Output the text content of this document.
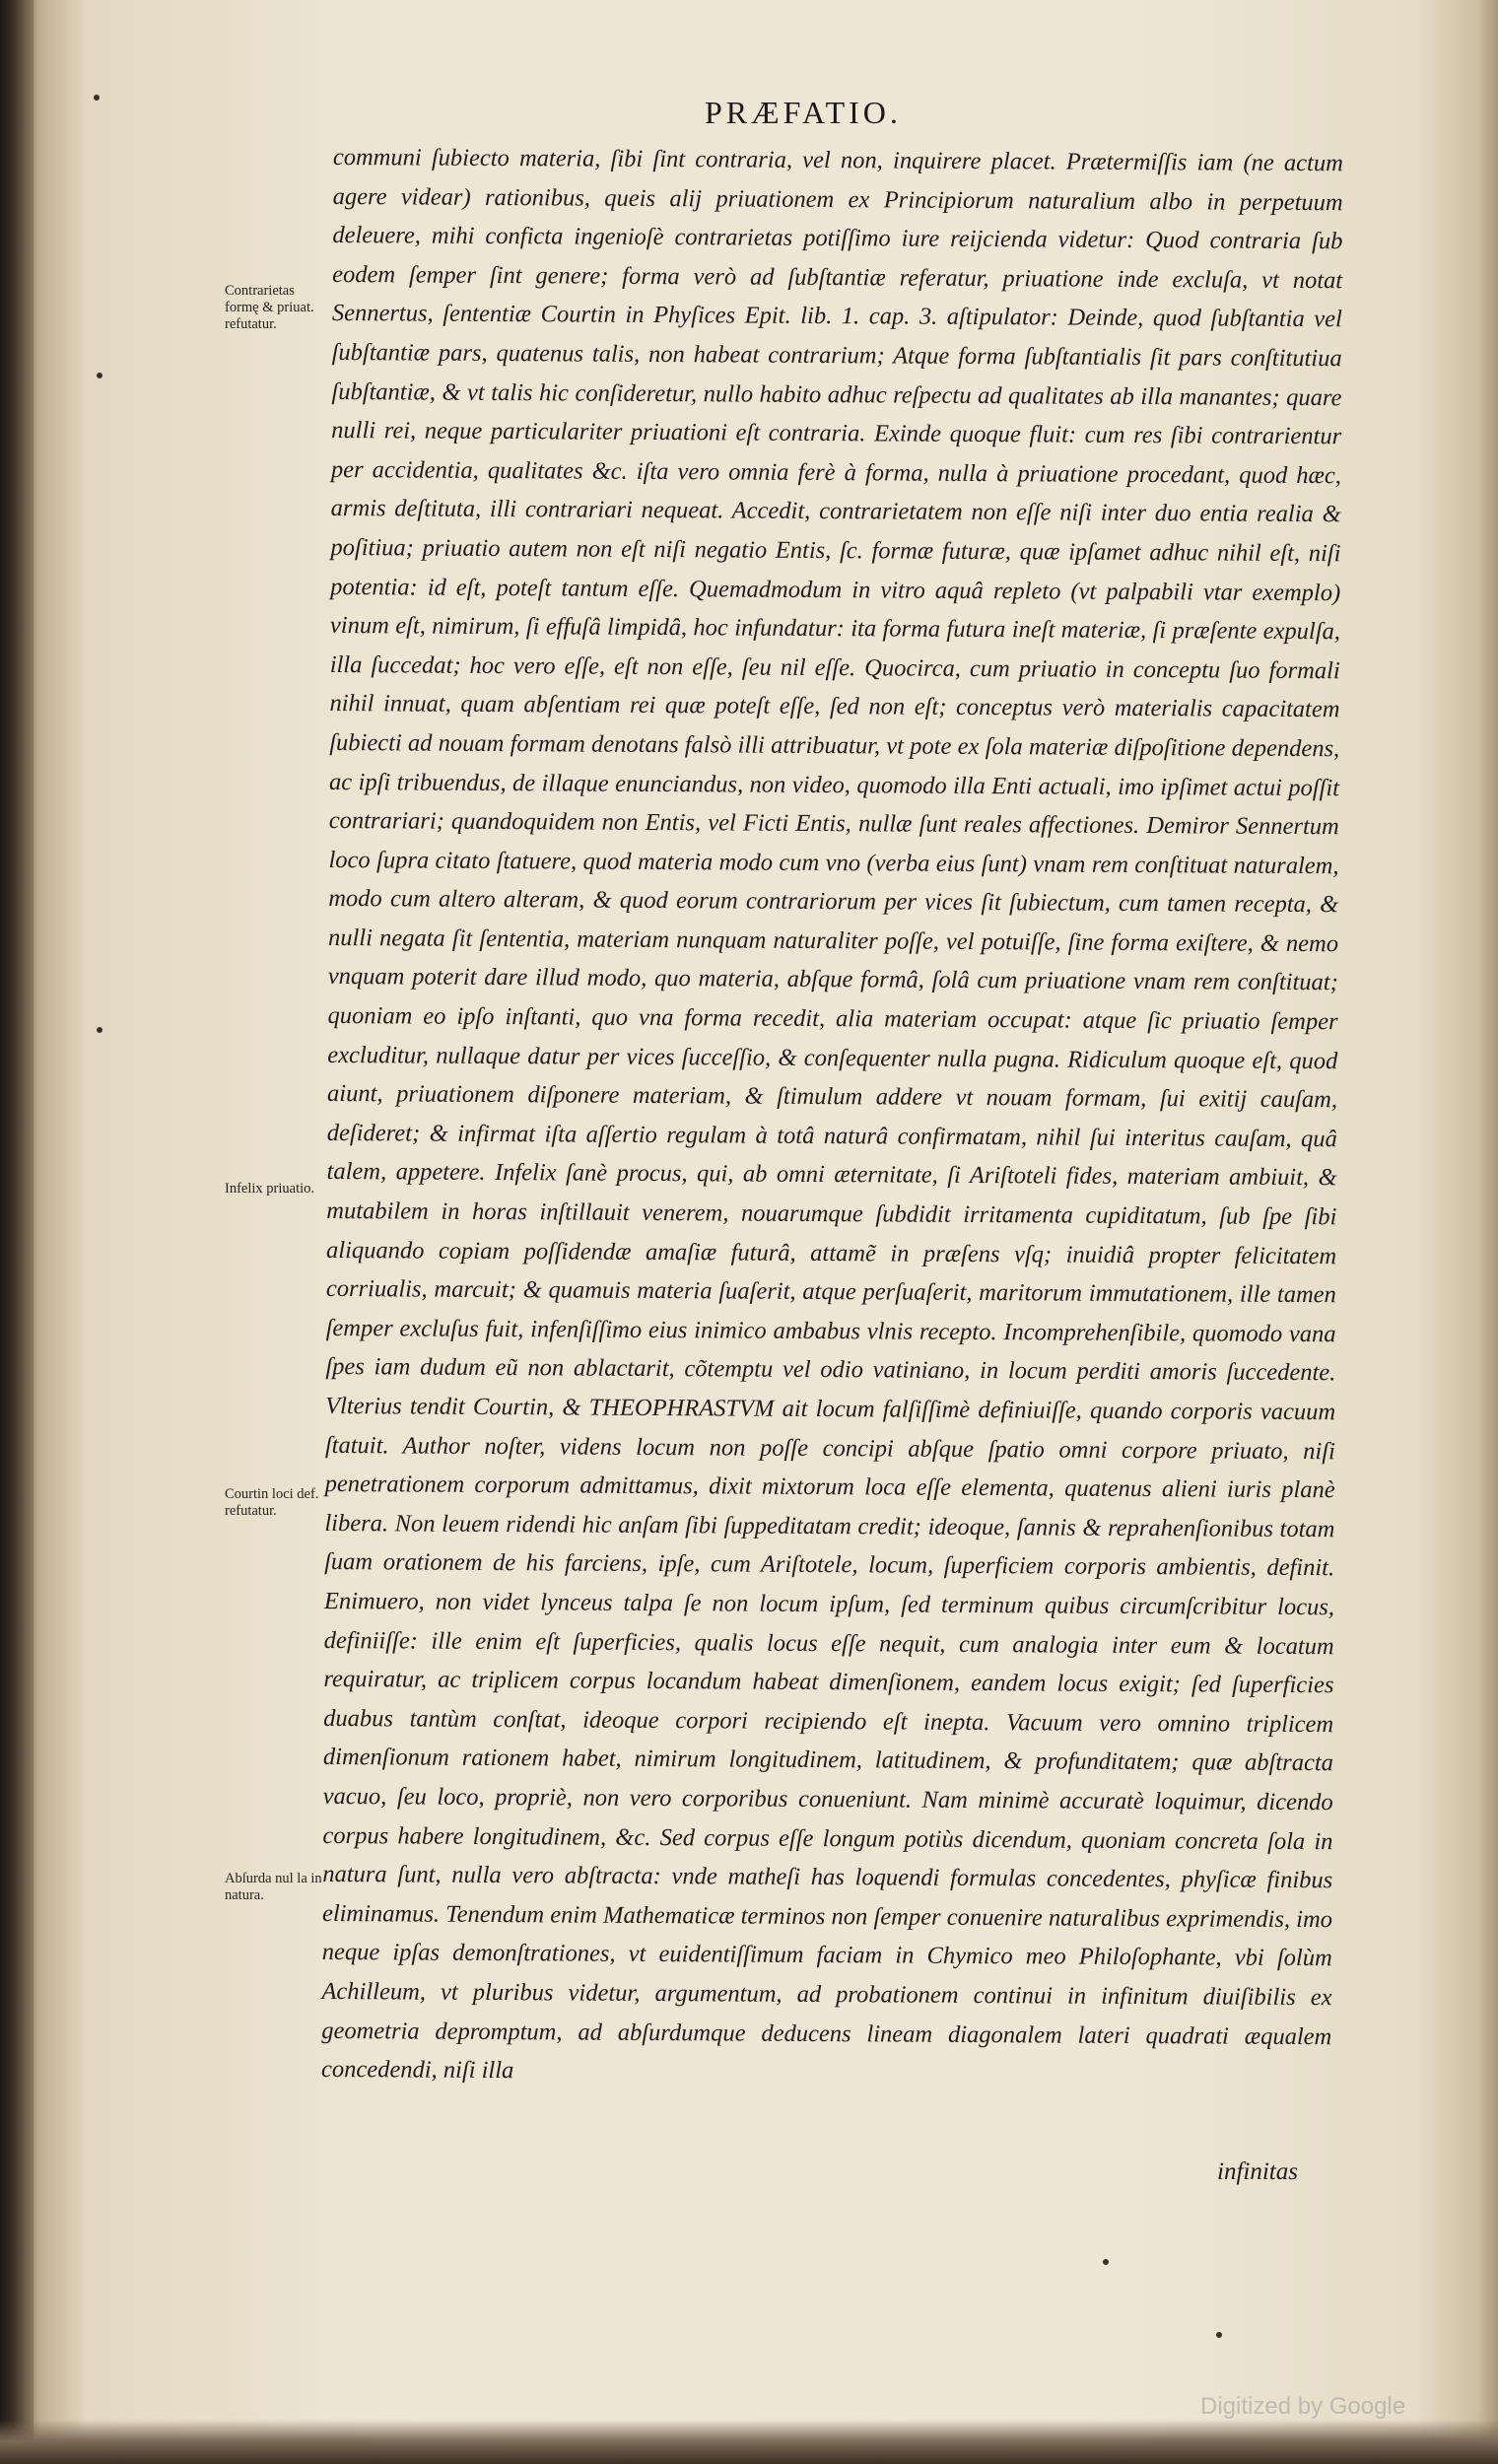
PRÆFATIO.
Contrarietas formę & priuat. refutatur.
Infelix priuatio.
Courtin loci def. refutatur.
Abſurda nul la in natura.

communi ſubiecto materia, ſibi ſint contraria, vel non, inquirere placet. Prætermiſſis iam (ne actum agere videar) rationibus, queis alij priuationem ex Principiorum naturalium albo in perpetuum deleuere, mihi conficta ingenioſè contrarietas potiſſimo iure reijcienda videtur: Quod contraria ſub eodem ſemper ſint genere; forma verò ad ſubſtantiæ referatur, priuatione inde excluſa, vt notat Sennertus, ſententiæ Courtin in Phyſices Epit. lib. 1. cap. 3. aſtipulator: Deinde, quod ſubſtantia vel ſubſtantiæ pars, quatenus talis, non habeat contrarium; Atque forma ſubſtantialis ſit pars conſtitutiua ſubſtantiæ, & vt talis hic conſideretur, nullo habito adhuc reſpectu ad qualitates ab illa manantes; quare nulli rei, neque particulariter priuationi eſt contraria. Exinde quoque fluit: cum res ſibi contrarientur per accidentia, qualitates &c. iſta vero omnia ferè à forma, nulla à priuatione procedant, quod hæc, armis deſtituta, illi contrariari nequeat. Accedit, contrarietatem non eſſe niſi inter duo entia realia & poſitiua; priuatio autem non eſt niſi negatio Entis, ſc. formæ futuræ, quæ ipſamet adhuc nihil eſt, niſi potentia: id eſt, poteſt tantum eſſe. Quemadmodum in vitro aquâ repleto (vt palpabili vtar exemplo) vinum eſt, nimirum, ſi effuſâ limpidâ, hoc infundatur: ita forma futura ineſt materiæ, ſi præſente expulſa, illa ſuccedat; hoc vero eſſe, eſt non eſſe, ſeu nil eſſe. Quocirca, cum priuatio in conceptu ſuo formali nihil innuat, quam abſentiam rei quæ poteſt eſſe, ſed non eſt; conceptus verò materialis capacitatem ſubiecti ad nouam formam denotans falsò illi attribuatur, vt pote ex ſola materiæ diſpoſitione dependens, ac ipſi tribuendus, de illaque enunciandus, non video, quomodo illa Enti actuali, imo ipſimet actui poſſit contrariari; quandoquidem non Entis, vel Ficti Entis, nullæ ſunt reales affectiones. Demiror Sennertum loco ſupra citato ſtatuere, quod materia modo cum vno (verba eius ſunt) vnam rem conſtituat naturalem, modo cum altero alteram, & quod eorum contrariorum per vices ſit ſubiectum, cum tamen recepta, & nulli negata ſit ſententia, materiam nunquam naturaliter poſſe, vel potuiſſe, ſine forma exiſtere, & nemo vnquam poterit dare illud modo, quo materia, abſque formâ, ſolâ cum priuatione vnam rem conſtituat; quoniam eo ipſo inſtanti, quo vna forma recedit, alia materiam occupat: atque ſic priuatio ſemper excluditur, nullaque datur per vices ſucceſſio, & conſequenter nulla pugna. Ridiculum quoque eſt, quod aiunt, priuationem diſponere materiam, & ſtimulum addere vt nouam formam, ſui exitij cauſam, deſideret; & infirmat iſta aſſertio regulam à totâ naturâ confirmatam, nihil ſui interitus cauſam, quâ talem, appetere. Infelix ſanè procus, qui, ab omni æternitate, ſi Ariſtoteli fides, materiam ambiuit, & mutabilem in horas inſtillauit venerem, nouarumque ſubdidit irritamenta cupiditatum, ſub ſpe ſibi aliquando copiam poſſidendæ amaſiæ futurâ, attamẽ in præſens vſq; inuidiâ propter felicitatem corriualis, marcuit; & quamuis materia ſuaſerit, atque perſuaſerit, maritorum immutationem, ille tamen ſemper excluſus fuit, infenſiſſimo eius inimico ambabus vlnis recepto. Incomprehenſibile, quomodo vana ſpes iam dudum eũ non ablactarit, cõtemptu vel odio vatiniano, in locum perditi amoris ſuccedente. Vlterius tendit Courtin, & THEOPHRASTVM ait locum falſiſſimè definiuiſſe, quando corporis vacuum ſtatuit. Author noſter, videns locum non poſſe concipi abſque ſpatio omni corpore priuato, niſi penetrationem corporum admittamus, dixit mixtorum loca eſſe elementa, quatenus alieni iuris planè libera. Non leuem ridendi hic anſam ſibi ſuppeditatam credit; ideoque, ſannis & reprahenſionibus totam ſuam orationem de his farciens, ipſe, cum Ariſtotele, locum, ſuperficiem corporis ambientis, definit. Enimuero, non videt lynceus talpa ſe non locum ipſum, ſed terminum quibus circumſcribitur locus, definiiſſe: ille enim eſt ſuperficies, qualis locus eſſe nequit, cum analogia inter eum & locatum requiratur, ac triplicem corpus locandum habeat dimenſionem, eandem locus exigit; ſed ſuperficies duabus tantùm conſtat, ideoque corpori recipiendo eſt inepta. Vacuum vero omnino triplicem dimenſionum rationem habet, nimirum longitudinem, latitudinem, & profunditatem; quæ abſtracta vacuo, ſeu loco, propriè, non vero corporibus conueniunt. Nam minimè accuratè loquimur, dicendo corpus habere longitudinem, &c. Sed corpus eſſe longum potiùs dicendum, quoniam concreta ſola in natura ſunt, nulla vero abſtracta: vnde matheſi has loquendi formulas concedentes, phyſicæ finibus eliminamus. Tenendum enim Mathematicæ terminos non ſemper conuenire naturalibus exprimendis, imo neque ipſas demonſtrationes, vt euidentiſſimum faciam in Chymico meo Philoſophante, vbi ſolùm Achilleum, vt pluribus videtur, argumentum, ad probationem continui in infinitum diuiſibilis ex geometria depromptum, ad abſurdumque deducens lineam diagonalem lateri quadrati æqualem concedendi, niſi illa

infinitas
Digitized by Google
